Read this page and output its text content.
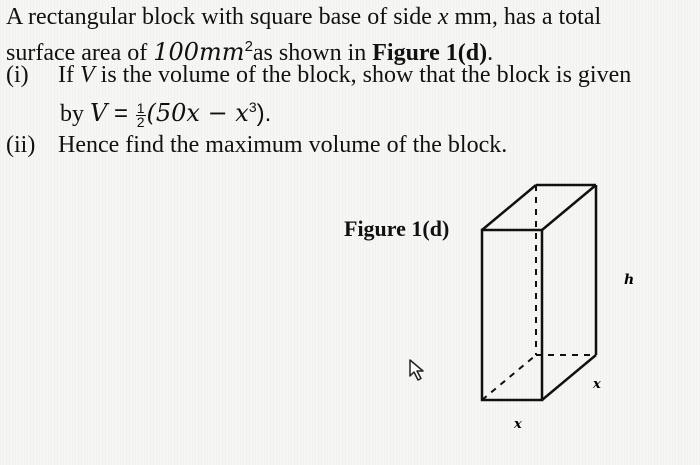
A rectangular block with square base of side x mm, has a total
surface area of $100mm^2as$ shown in Figure 1(d).
(i) If V is the volume of the block, show that the block is given
by $V = \frac{1}{2} (50x - x^3)$.
(ii) Hence find the maximum volume of the block.
Figure 1(d)
h
x
x
